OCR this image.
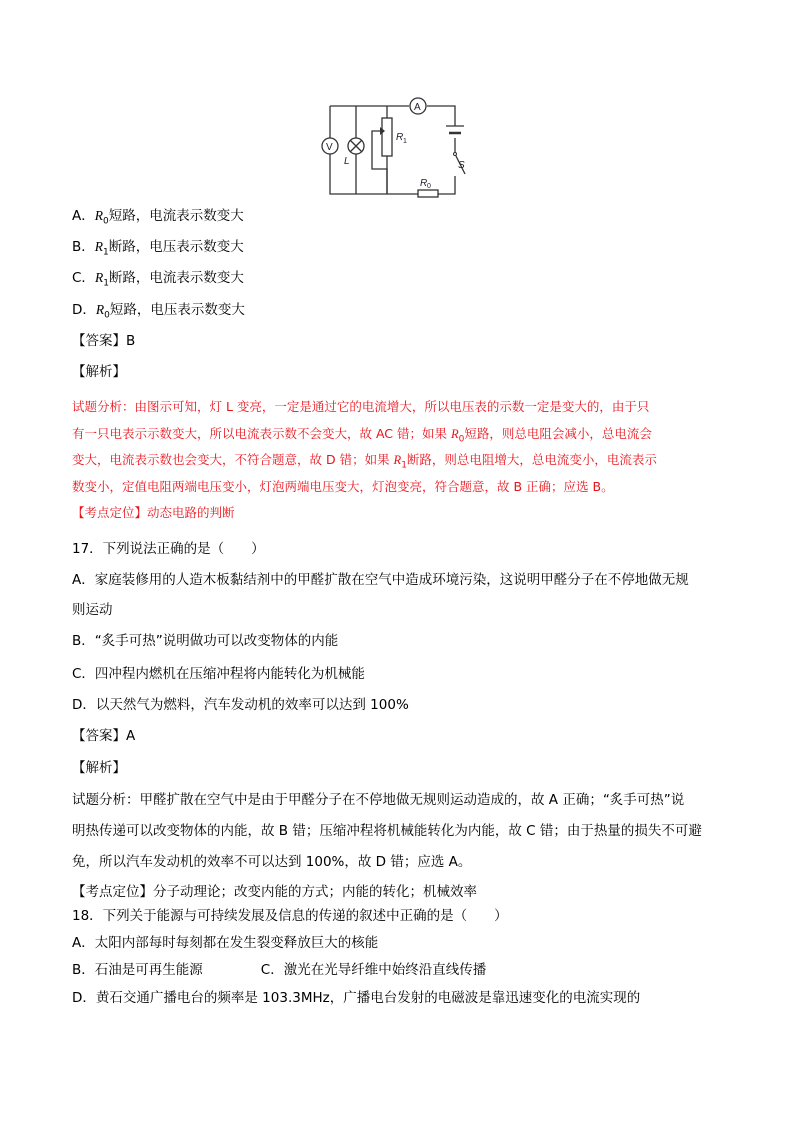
A
V
L
R 1
R 0
S
A．$R_0$短路，电流表示数变大
B．$R_1$断路，电压表示数变大
C．$R_1$断路，电流表示数变大
D．$R_0$短路，电压表示数变大
【答案】B
【解析】
试题分析：由图示可知，灯 L 变亮，一定是通过它的电流增大，所以电压表的示数一定是变大的，由于只
有一只电表示示数变大，所以电流表示数不会变大，故 AC 错；如果 $R_0$短路，则总电阻会减小，总电流会
变大，电流表示数也会变大，不符合题意，故 D 错；如果 $R_1$断路，则总电阻增大，总电流变小，电流表示
数变小，定值电阻两端电压变小，灯泡两端电压变大，灯泡变亮，符合题意，故 B 正确；应选 B。
【考点定位】动态电路的判断
17．下列说法正确的是（　　）
A．家庭装修用的人造木板黏结剂中的甲醛扩散在空气中造成环境污染，这说明甲醛分子在不停地做无规
则运动
B．“炙手可热”说明做功可以改变物体的内能
C．四冲程内燃机在压缩冲程将内能转化为机械能
D．以天然气为燃料，汽车发动机的效率可以达到 100%
【答案】A
【解析】
试题分析：甲醛扩散在空气中是由于甲醛分子在不停地做无规则运动造成的，故 A 正确；“炙手可热”说
明热传递可以改变物体的内能，故 B 错；压缩冲程将机械能转化为内能，故 C 错；由于热量的损失不可避
免，所以汽车发动机的效率不可以达到 100%，故 D 错；应选 A。
【考点定位】分子动理论；改变内能的方式；内能的转化；机械效率
18．下列关于能源与可持续发展及信息的传递的叙述中正确的是（　　）
A．太阳内部每时每刻都在发生裂变释放巨大的核能
B．石油是可再生能源	C．激光在光导纤维中始终沿直线传播
D．黄石交通广播电台的频率是 103.3MHz，广播电台发射的电磁波是靠迅速变化的电流实现的
